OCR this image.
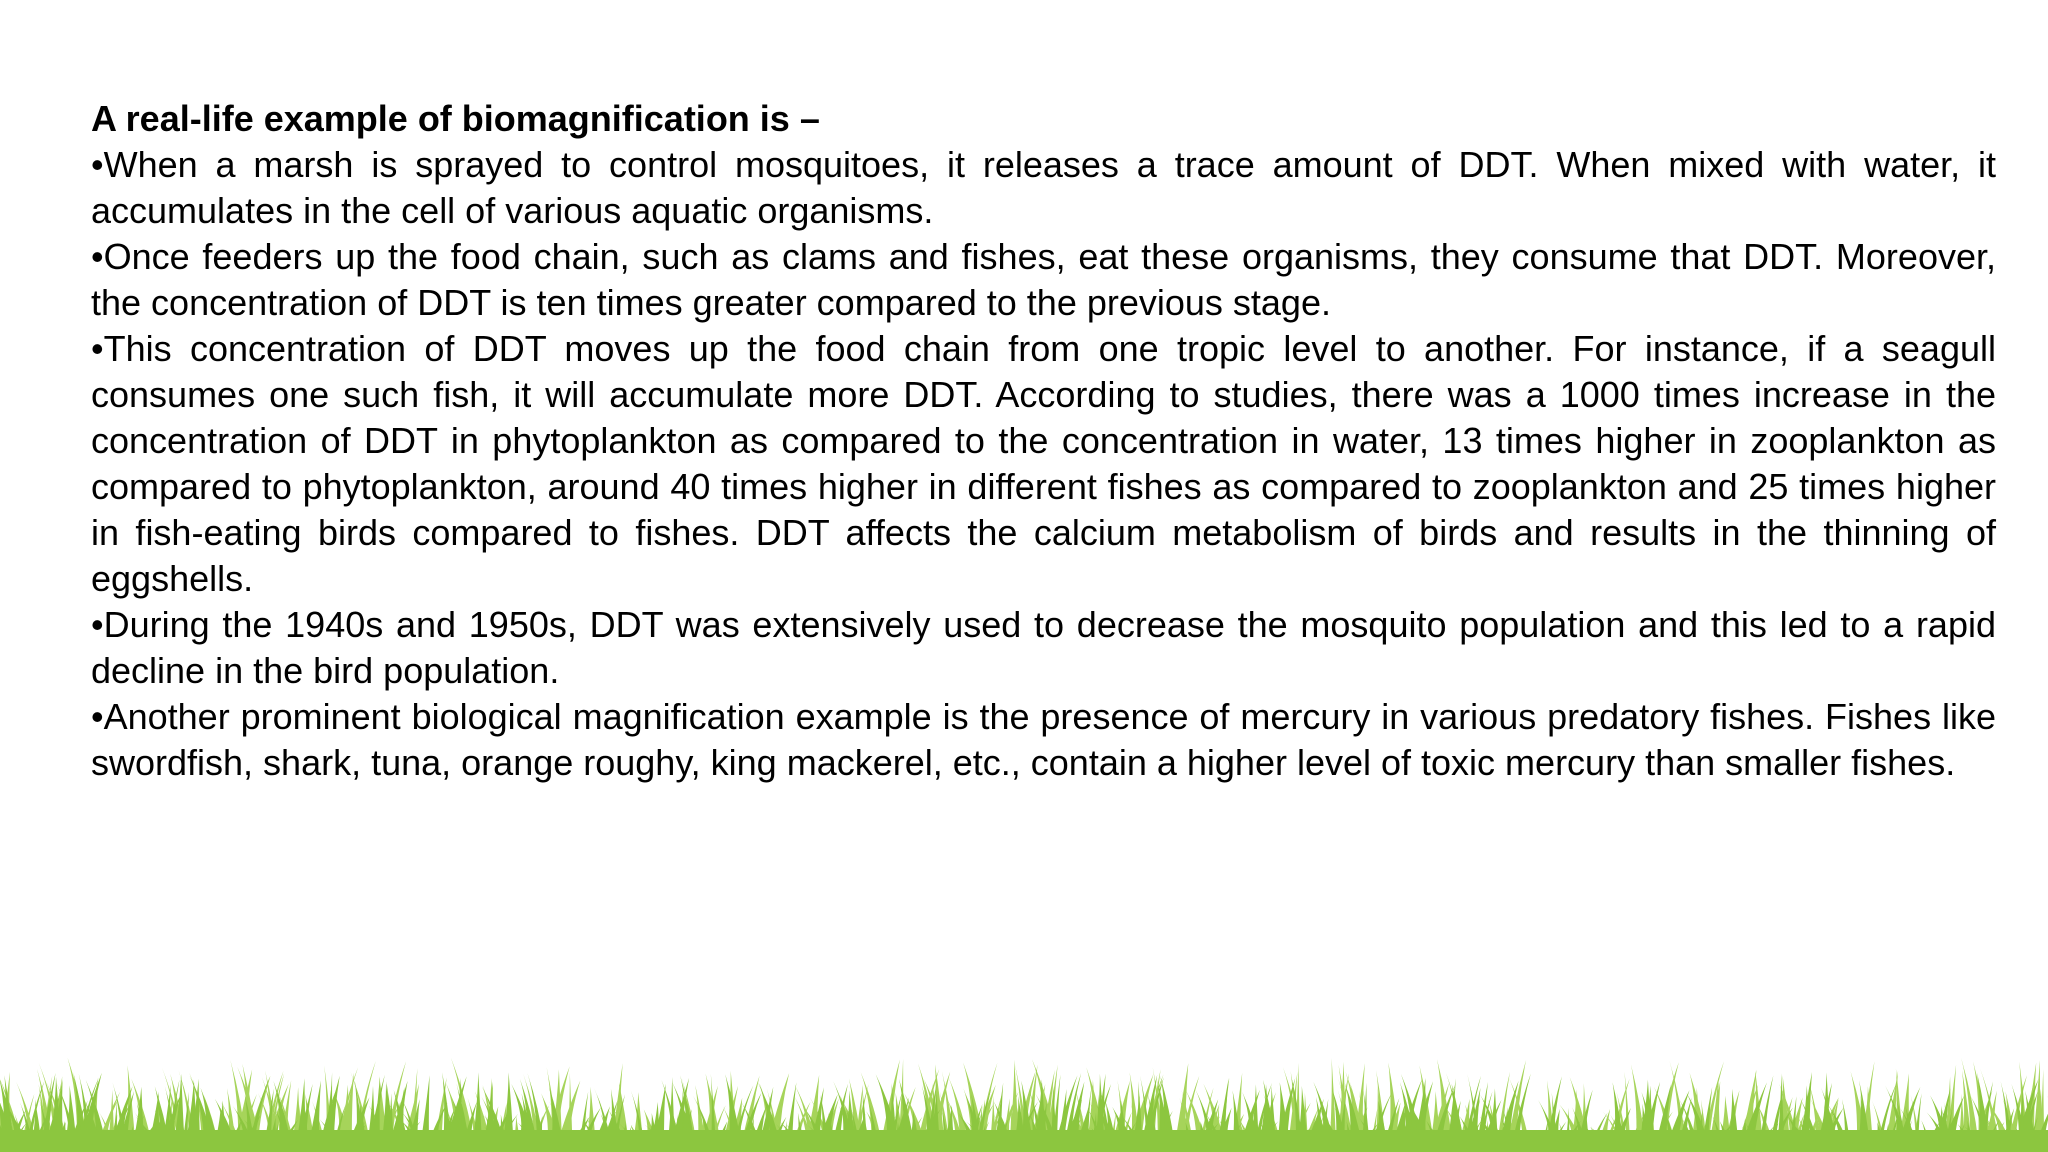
A real-life example of biomagnification is –

•When a marsh is sprayed to control mosquitoes, it releases a trace amount of DDT. When mixed with water, it accumulates in the cell of various aquatic organisms.

•Once feeders up the food chain, such as clams and fishes, eat these organisms, they consume that DDT. Moreover, the concentration of DDT is ten times greater compared to the previous stage.

•This concentration of DDT moves up the food chain from one tropic level to another. For instance, if a seagull consumes one such fish, it will accumulate more DDT. According to studies, there was a 1000 times increase in the concentration of DDT in phytoplankton as compared to the concentration in water, 13 times higher in zooplankton as compared to phytoplankton, around 40 times higher in different fishes as compared to zooplankton and 25 times higher in fish-eating birds compared to fishes. DDT affects the calcium metabolism of birds and results in the thinning of eggshells.

•During the 1940s and 1950s, DDT was extensively used to decrease the mosquito population and this led to a rapid decline in the bird population.

•Another prominent biological magnification example is the presence of mercury in various predatory fishes. Fishes like swordfish, shark, tuna, orange roughy, king mackerel, etc., contain a higher level of toxic mercury than smaller fishes.
